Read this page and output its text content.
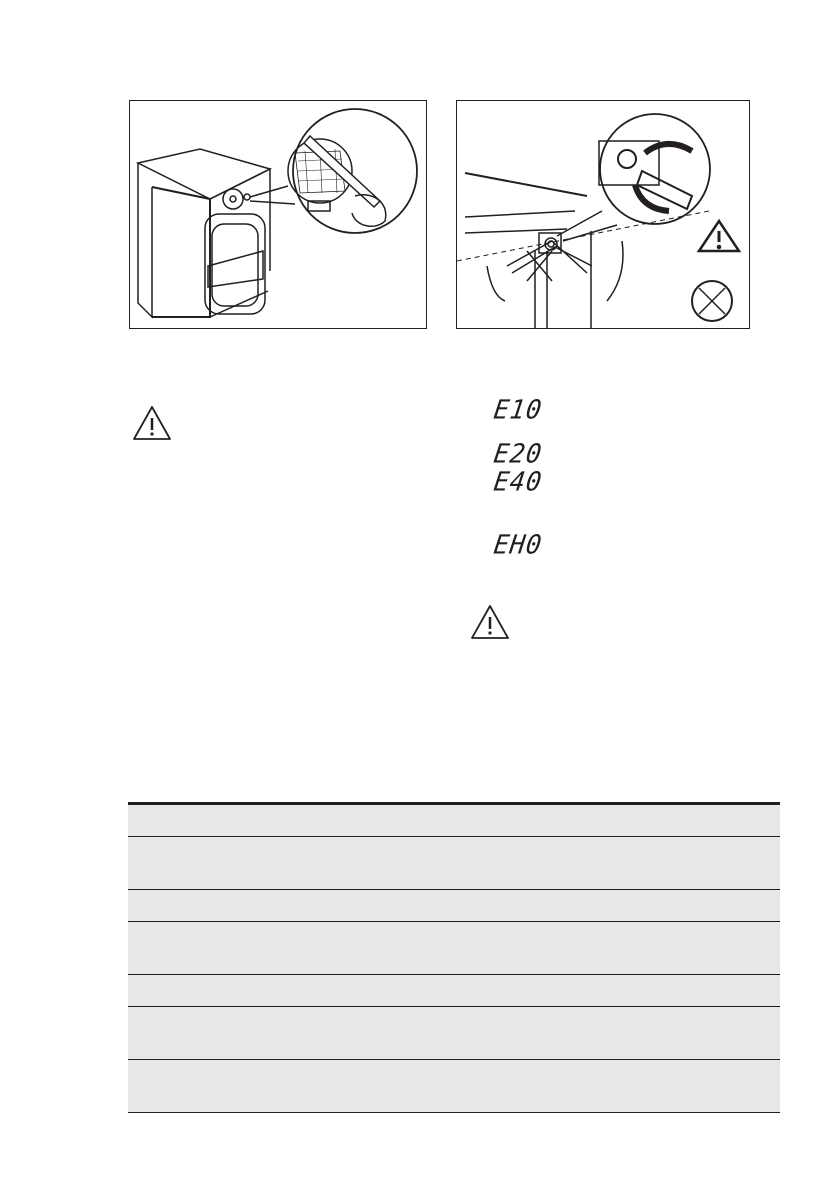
E10
E20
E40
EH0
